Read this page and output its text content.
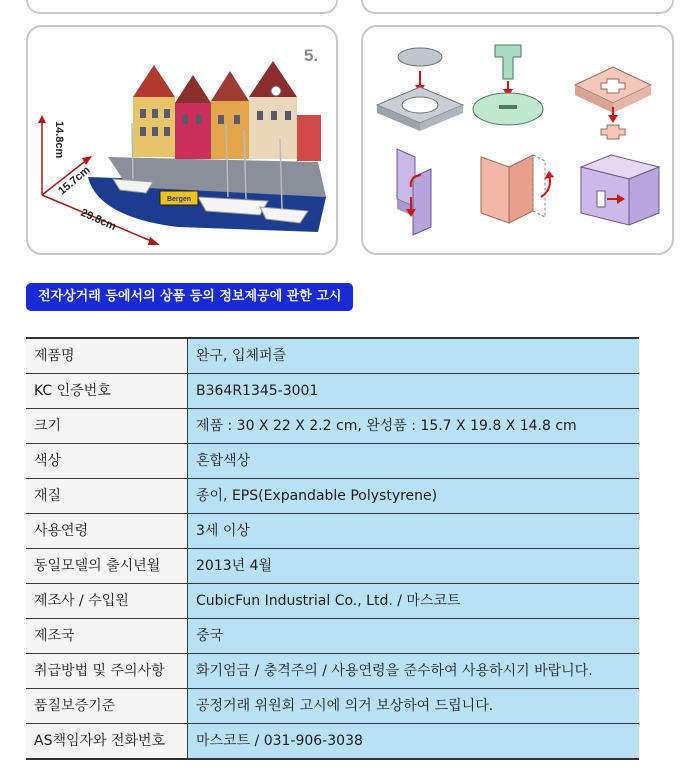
5.
Bergen
14.8cm
15.7cm
29.8cm
전자상거래 등에서의 상품 등의 정보제공에 관한 고시
제품명	완구, 입체퍼즐
KC 인증번호	B364R1345-3001
크기	제품 : 30 X 22 X 2.2 cm, 완성품 : 15.7 X 19.8 X 14.8 cm
색상	혼합색상
재질	종이, EPS(Expandable Polystyrene)
사용연령	3세 이상
동일모델의 출시년월	2013년 4월
제조사 / 수입원	CubicFun Industrial Co., Ltd. / 마스코트
제조국	중국
취급방법 및 주의사항	화기엄금 / 충격주의 / 사용연령을 준수하여 사용하시기 바랍니다.
품질보증기준	공정거래 위원회 고시에 의거 보상하여 드립니다.
AS책임자와 전화번호	마스코트 / 031-906-3038
